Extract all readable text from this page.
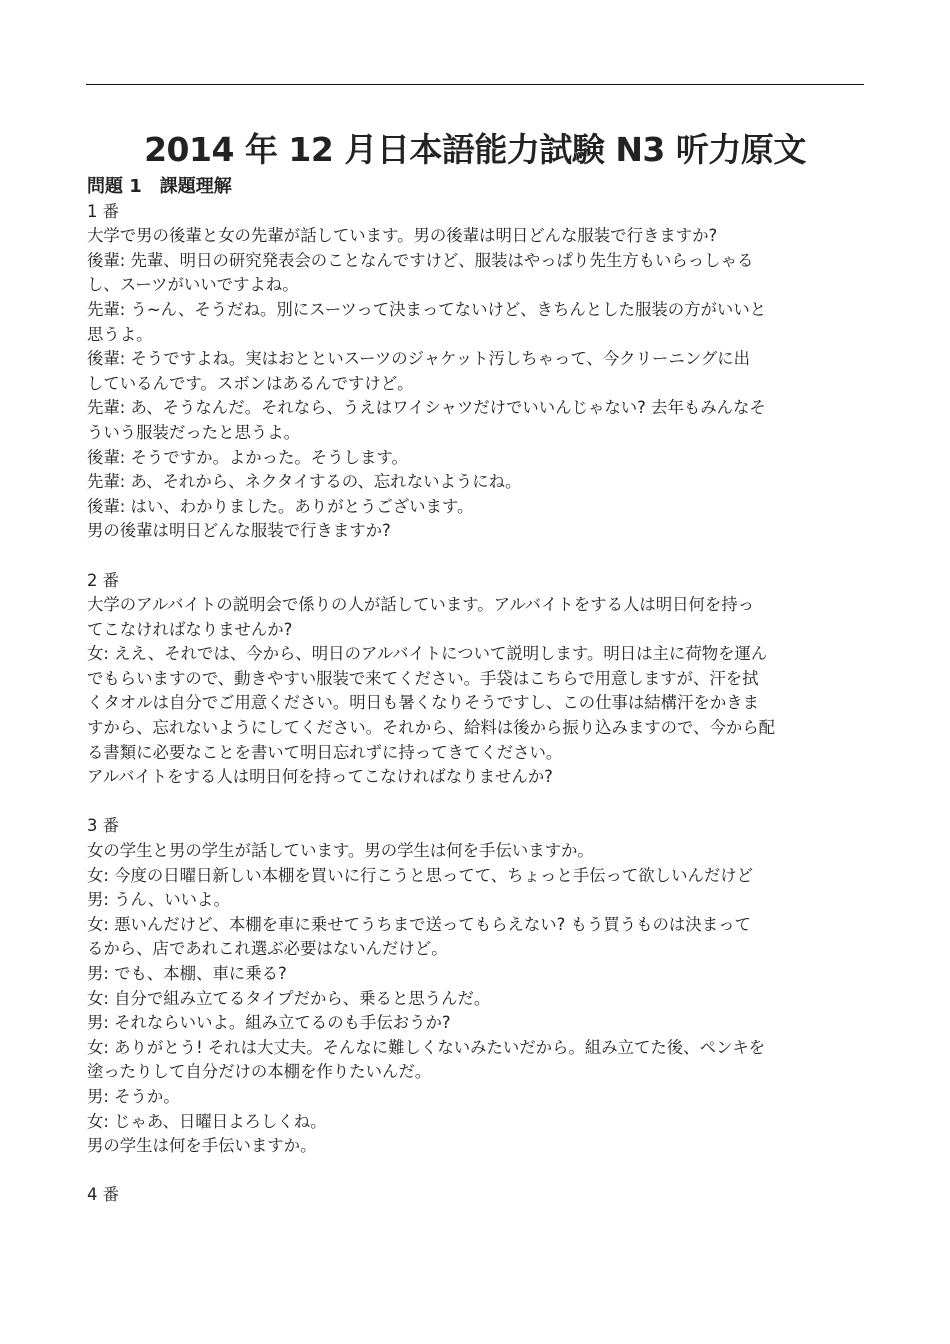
2014 年 12 月日本語能力試験 N3 听力原文
問題 1　課題理解
1 番
大学で男の後輩と女の先輩が話しています。男の後輩は明日どんな服装で行きますか?
後輩: 先輩、明日の研究発表会のことなんですけど、服装はやっぱり先生方もいらっしゃる
し、スーツがいいですよね。
先輩: う~ん、そうだね。別にスーツって決まってないけど、きちんとした服装の方がいいと
思うよ。
後輩: そうですよね。実はおとといスーツのジャケット汚しちゃって、今クリーニングに出
しているんです。スボンはあるんですけど。
先輩: あ、そうなんだ。それなら、うえはワイシャツだけでいいんじゃない? 去年もみんなそ
ういう服装だったと思うよ。
後輩: そうですか。よかった。そうします。
先輩: あ、それから、ネクタイするの、忘れないようにね。
後輩: はい、わかりました。ありがとうございます。
男の後輩は明日どんな服装で行きますか?
2 番
大学のアルバイトの説明会で係りの人が話しています。アルバイトをする人は明日何を持っ
てこなければなりませんか?
女: ええ、それでは、今から、明日のアルバイトについて説明します。明日は主に荷物を運ん
でもらいますので、動きやすい服装で来てください。手袋はこちらで用意しますが、汗を拭
くタオルは自分でご用意ください。明日も暑くなりそうですし、この仕事は結構汗をかきま
すから、忘れないようにしてください。それから、給料は後から振り込みますので、今から配
る書類に必要なことを書いて明日忘れずに持ってきてください。
アルバイトをする人は明日何を持ってこなければなりませんか?
3 番
女の学生と男の学生が話しています。男の学生は何を手伝いますか。
女: 今度の日曜日新しい本棚を買いに行こうと思ってて、ちょっと手伝って欲しいんだけど
男: うん、いいよ。
女: 悪いんだけど、本棚を車に乗せてうちまで送ってもらえない? もう買うものは決まって
るから、店であれこれ選ぶ必要はないんだけど。
男: でも、本棚、車に乗る?
女: 自分で組み立てるタイプだから、乗ると思うんだ。
男: それならいいよ。組み立てるのも手伝おうか?
女: ありがとう! それは大丈夫。そんなに難しくないみたいだから。組み立てた後、ペンキを
塗ったりして自分だけの本棚を作りたいんだ。
男: そうか。
女: じゃあ、日曜日よろしくね。
男の学生は何を手伝いますか。
4 番
